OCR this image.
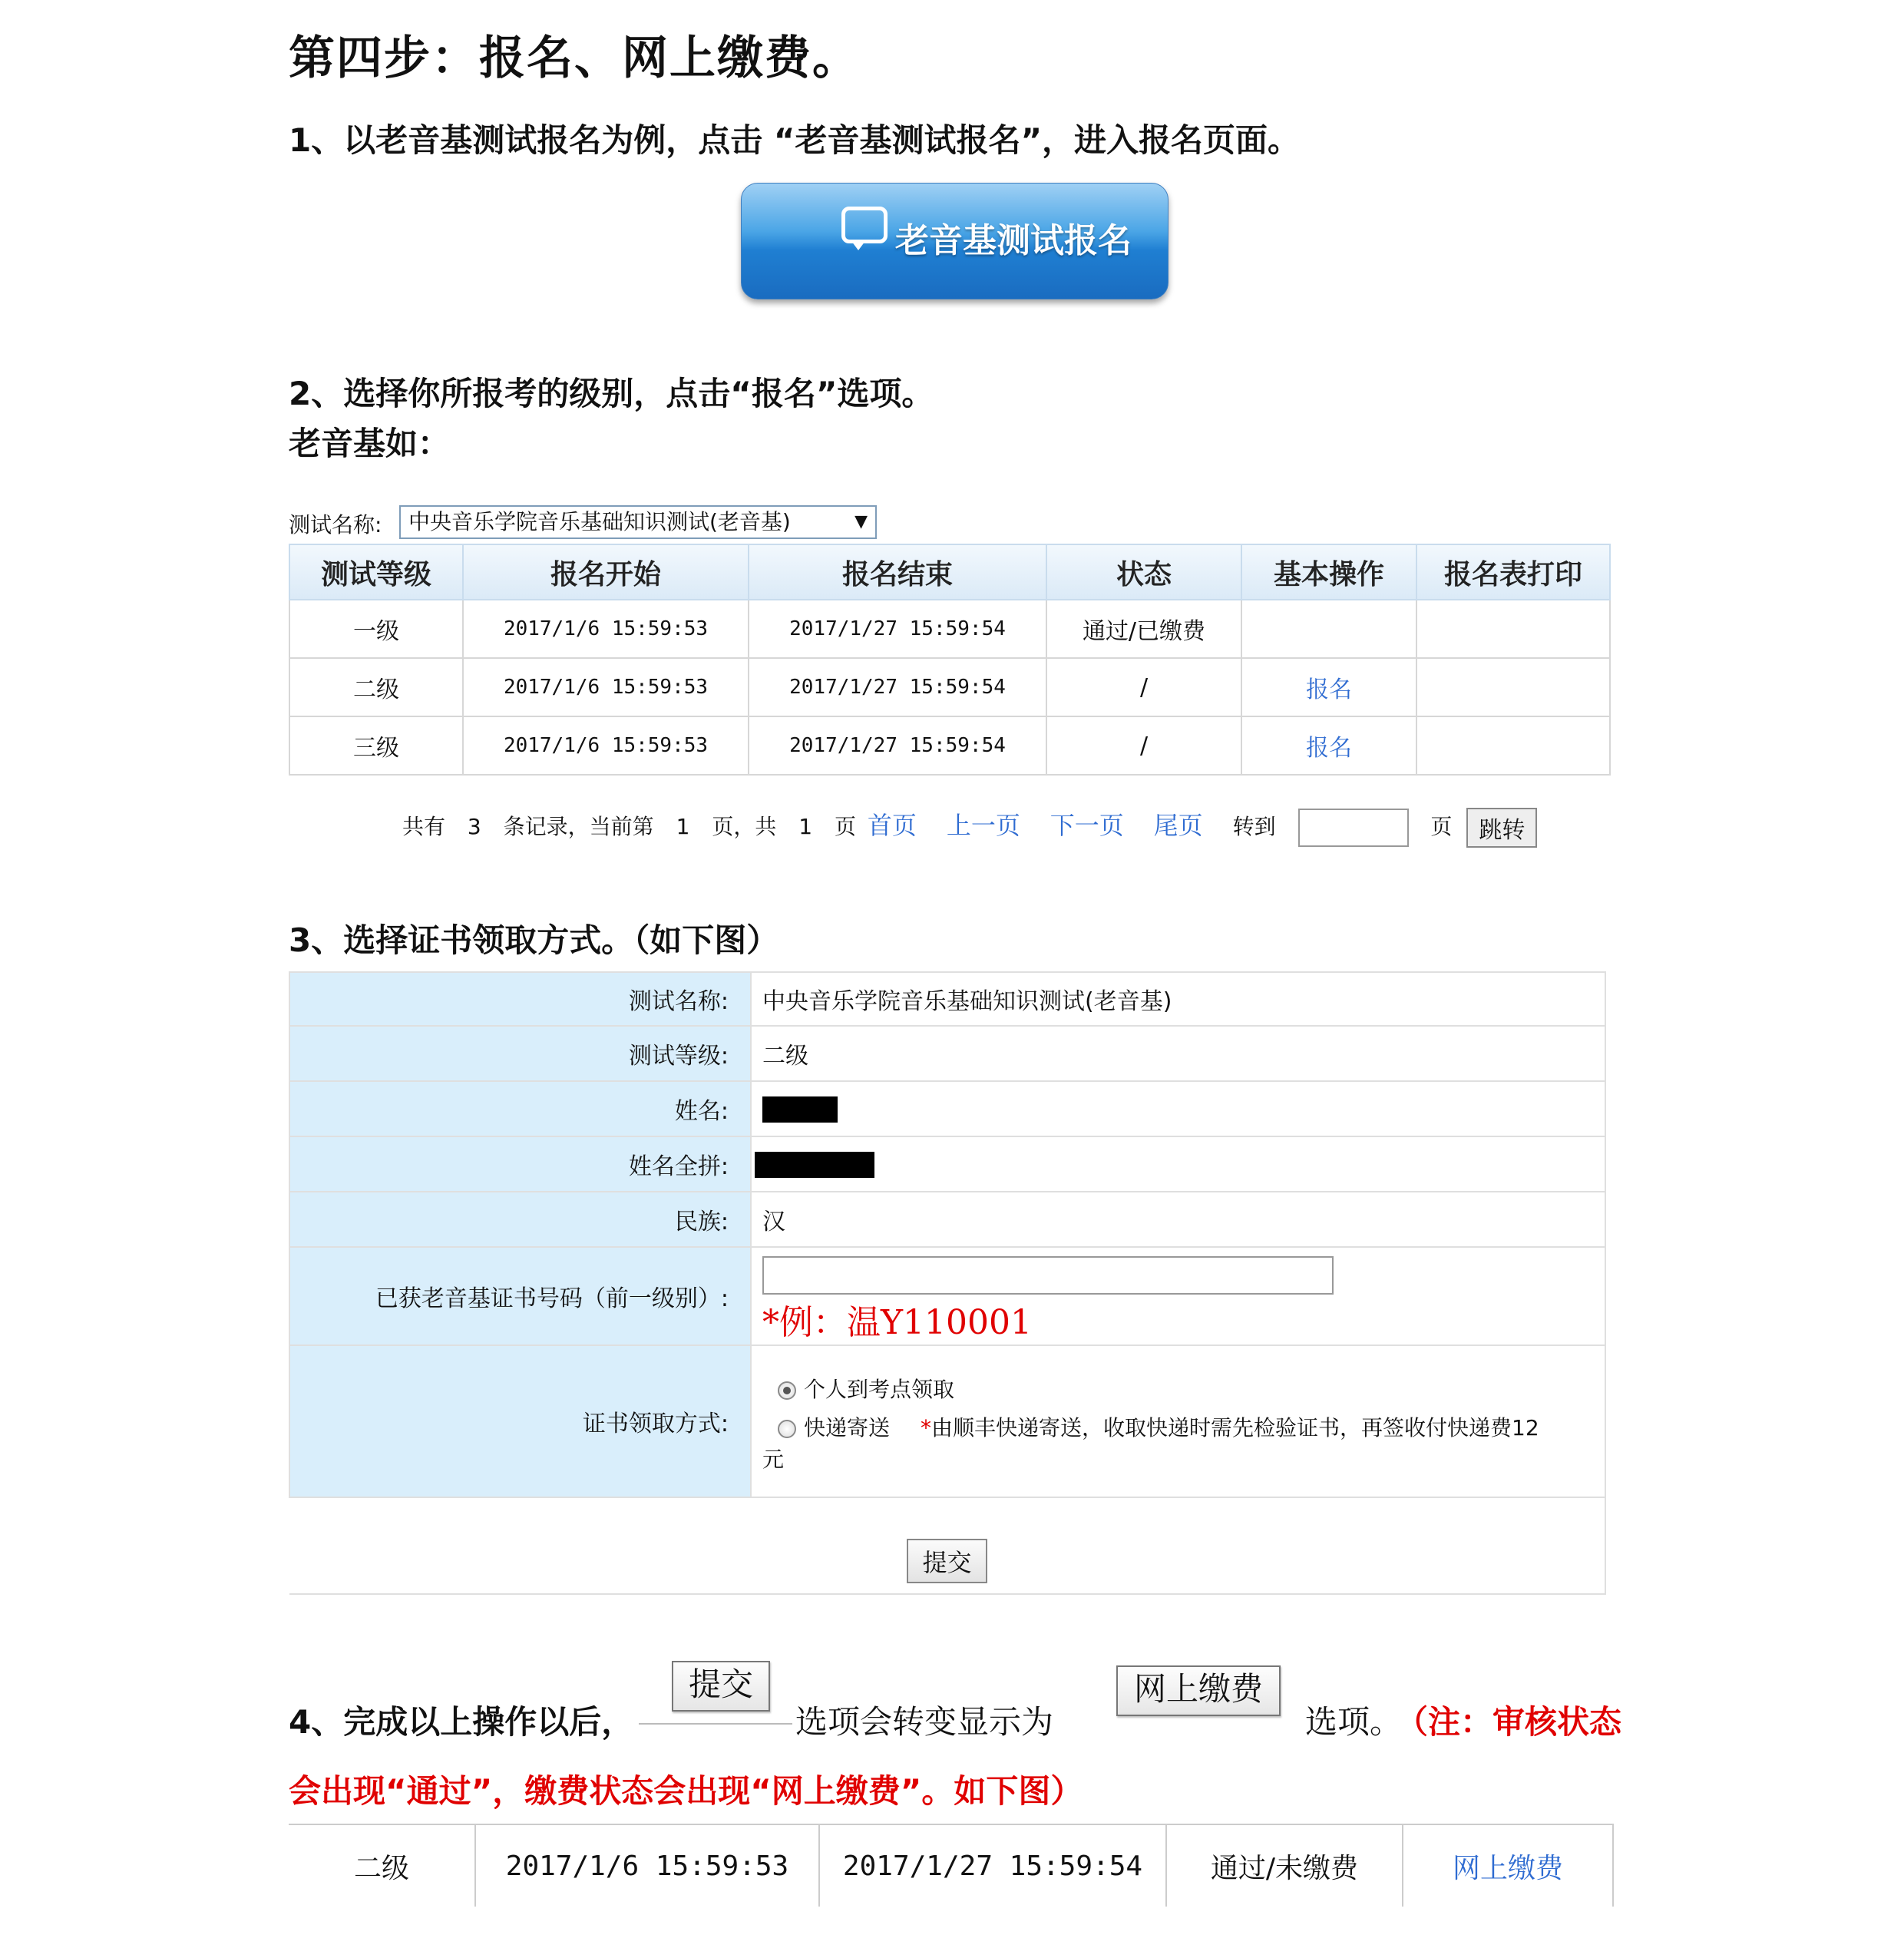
第四步：报名、网上缴费。
1、以老音基测试报名为例，点击 “老音基测试报名”，进入报名页面。
老音基测试报名
2、选择你所报考的级别，点击“报名”选项。
老音基如：
测试名称:	中央音乐学院音乐基础知识测试(老音基)	▼
测试等级	报名开始	报名结束	状态	基本操作	报名表打印
一级	2017/1/6 15:59:53	2017/1/27 15:59:54	通过/已缴费		
二级	2017/1/6 15:59:53	2017/1/27 15:59:54	/	报名	
三级	2017/1/6 15:59:53	2017/1/27 15:59:54	/	报名	
共有 3 条记录，当前第 1 页，共 1 页 首页 上一页 下一页 尾页 转到	页 跳转
3、选择证书领取方式。（如下图）
测试名称:	中央音乐学院音乐基础知识测试(老音基)
测试等级:	二级
姓名:	
姓名全拼:	
民族:	汉
已获老音基证书号码（前一级别）:	*例：温Y110001

证书领取方式:	个人到考点领取
快递寄送 *由顺丰快递寄送，收取快递时需先检验证书，再签收付快递费12
元

提交	
4、完成以上操作以后，
提交
选项会转变显示为
网上缴费
选项。
（注：审核状态
会出现“通过”，缴费状态会出现“网上缴费”。如下图）
二级	2017/1/6 15:59:53	2017/1/27 15:59:54	通过/未缴费	网上缴费
